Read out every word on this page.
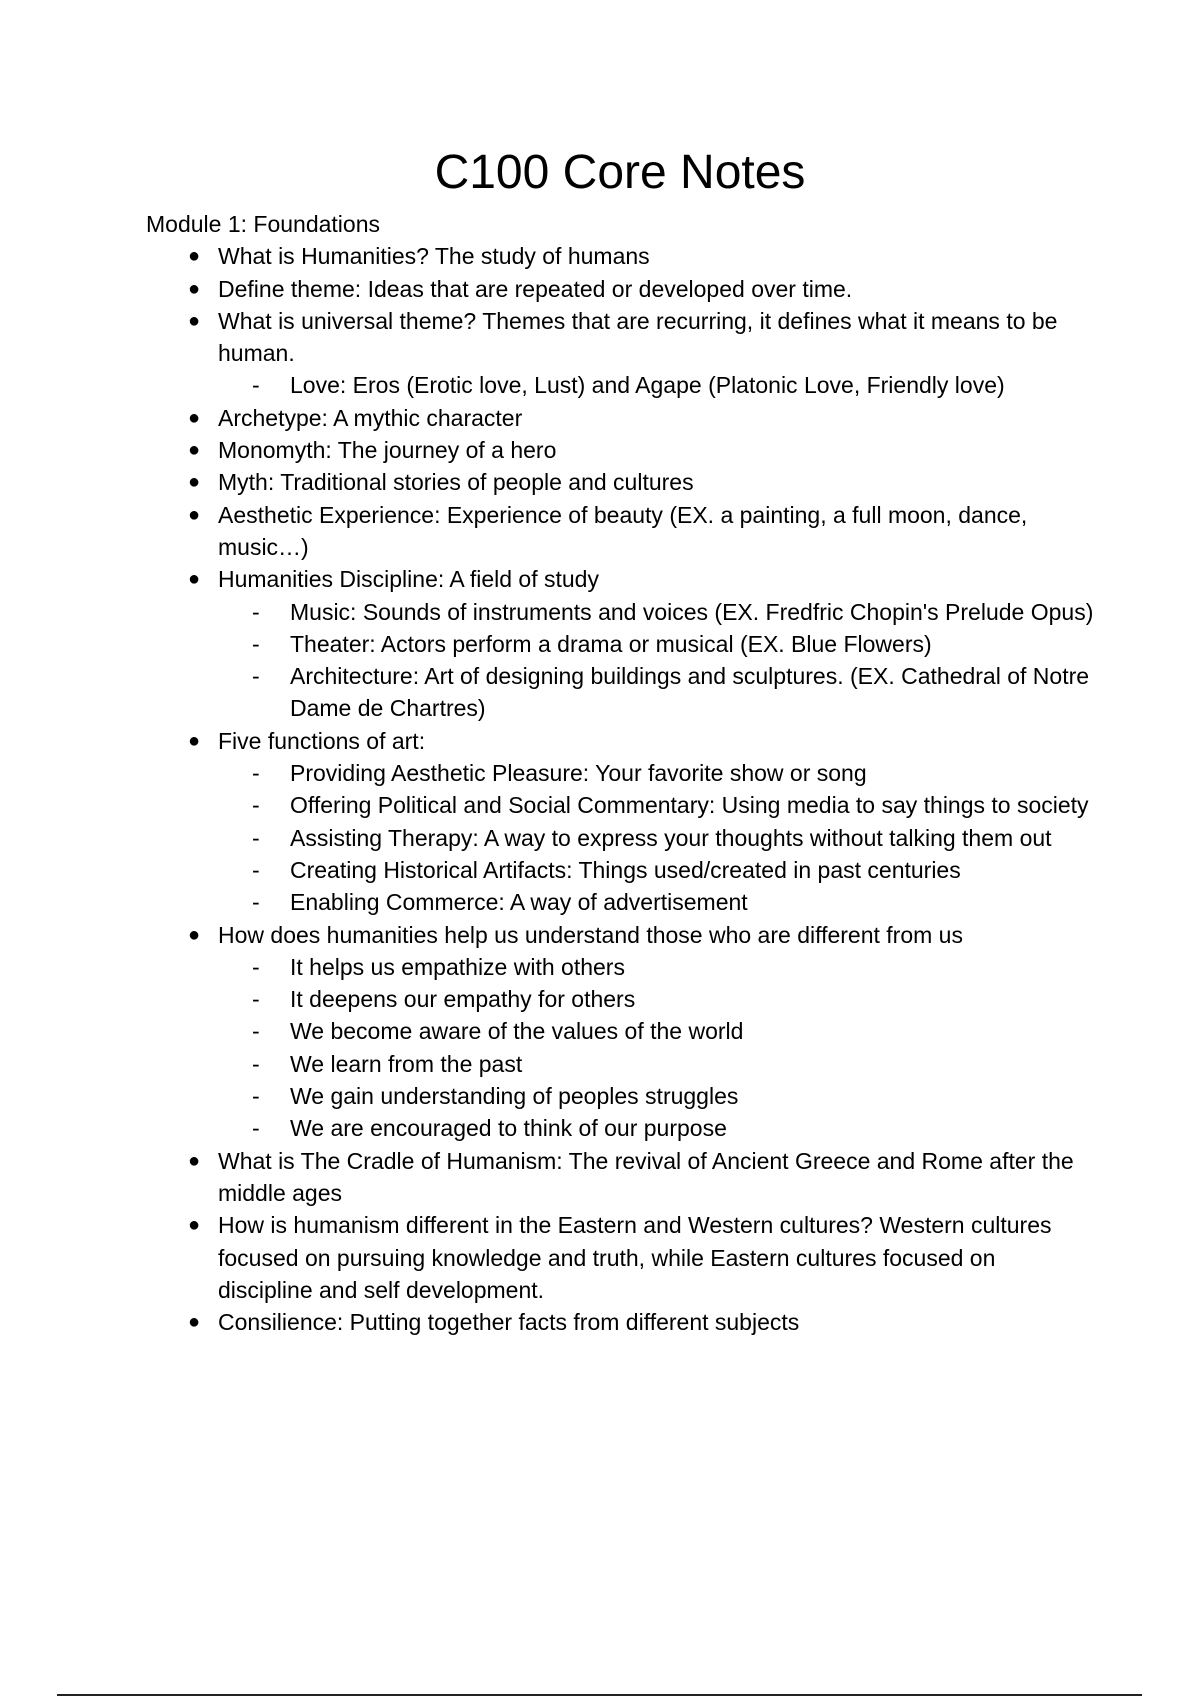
C100 Core Notes

Module 1: Foundations

● What is Humanities? The study of humans
● Define theme: Ideas that are repeated or developed over time.
● What is universal theme? Themes that are recurring, it defines what it means to be human.
- Love: Eros (Erotic love, Lust) and Agape (Platonic Love, Friendly love)
● Archetype: A mythic character
● Monomyth: The journey of a hero
● Myth: Traditional stories of people and cultures
● Aesthetic Experience: Experience of beauty (EX. a painting, a full moon, dance, music…)
● Humanities Discipline: A field of study
- Music: Sounds of instruments and voices (EX. Fredfric Chopin's Prelude Opus)
- Theater: Actors perform a drama or musical (EX. Blue Flowers)
- Architecture: Art of designing buildings and sculptures. (EX. Cathedral of Notre Dame de Chartres)
● Five functions of art:
- Providing Aesthetic Pleasure: Your favorite show or song
- Offering Political and Social Commentary: Using media to say things to society
- Assisting Therapy: A way to express your thoughts without talking them out
- Creating Historical Artifacts: Things used/created in past centuries
- Enabling Commerce: A way of advertisement
● How does humanities help us understand those who are different from us
- It helps us empathize with others
- It deepens our empathy for others
- We become aware of the values of the world
- We learn from the past
- We gain understanding of peoples struggles
- We are encouraged to think of our purpose
● What is The Cradle of Humanism: The revival of Ancient Greece and Rome after the middle ages
● How is humanism different in the Eastern and Western cultures? Western cultures focused on pursuing knowledge and truth, while Eastern cultures focused on discipline and self development.
● Consilience: Putting together facts from different subjects
